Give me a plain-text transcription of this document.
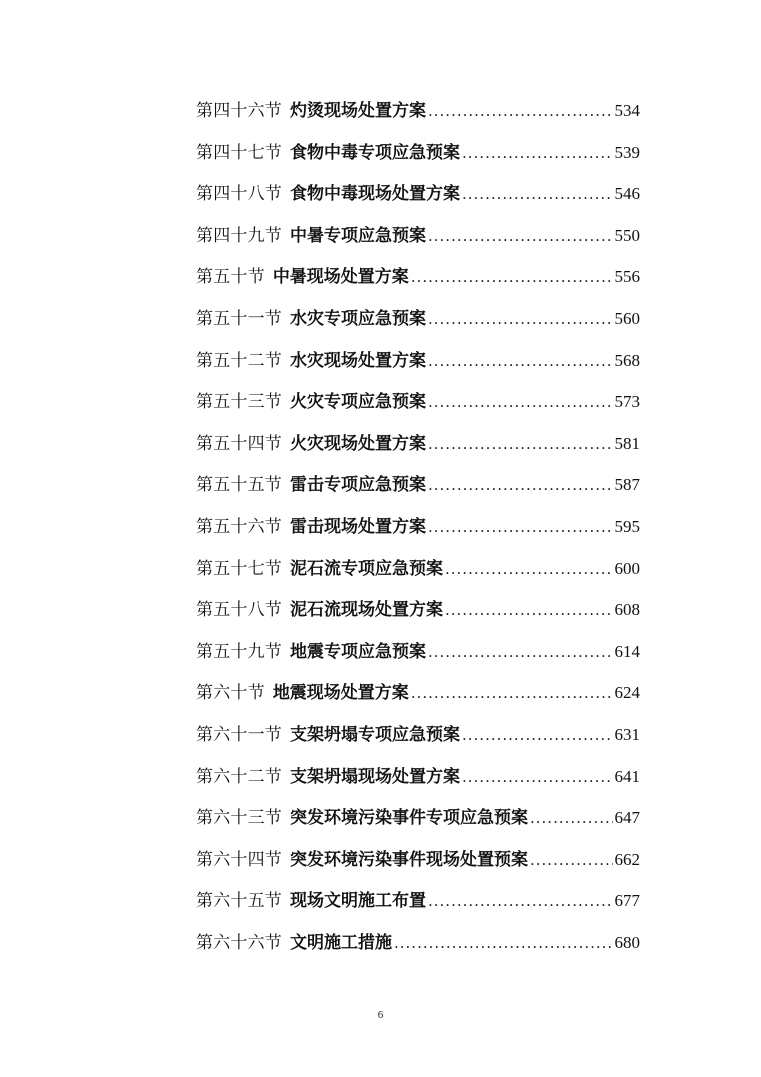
第四十六节 灼烫现场处置方案 .....	534
第四十七节 食物中毒专项应急预案 .....	539
第四十八节 食物中毒现场处置方案 .....	546
第四十九节 中暑专项应急预案 .....	550
第五十节 中暑现场处置方案 .....	556
第五十一节 水灾专项应急预案 .....	560
第五十二节 水灾现场处置方案 .....	568
第五十三节 火灾专项应急预案 .....	573
第五十四节 火灾现场处置方案 .....	581
第五十五节 雷击专项应急预案 .....	587
第五十六节 雷击现场处置方案 .....	595
第五十七节 泥石流专项应急预案 .....	600
第五十八节 泥石流现场处置方案 .....	608
第五十九节 地震专项应急预案 .....	614
第六十节 地震现场处置方案 .....	624
第六十一节 支架坍塌专项应急预案 .....	631
第六十二节 支架坍塌现场处置方案 .....	641
第六十三节 突发环境污染事件专项应急预案 .....	647
第六十四节 突发环境污染事件现场处置预案 .....	662
第六十五节 现场文明施工布置 .....	677
第六十六节 文明施工措施 .....	680
6
